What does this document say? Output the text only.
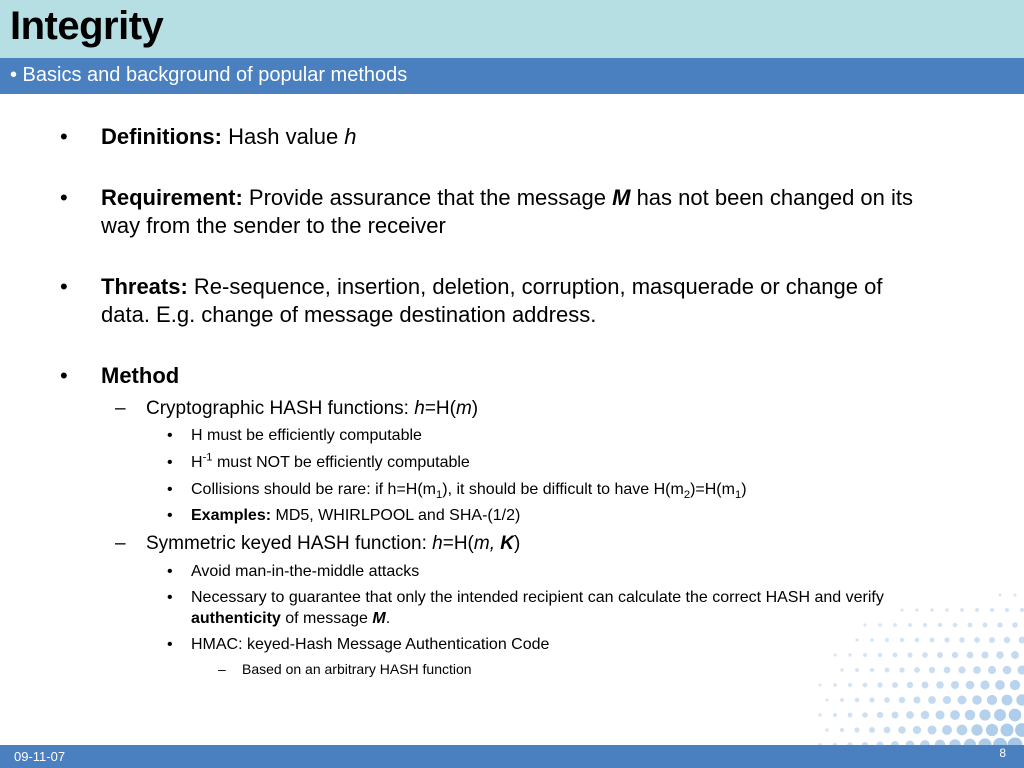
Integrity
• Basics and background of popular methods
• Definitions: Hash value h
• Requirement: Provide assurance that the message M has not been changed on its way from the sender to the receiver
• Threats: Re-sequence, insertion, deletion, corruption, masquerade or change of data. E.g. change of message destination address.
• Method
– Cryptographic HASH functions: h=H(m)
• H must be efficiently computable
• $H^{-1}$ must NOT be efficiently computable
• Collisions should be rare: if $h=H(m_1)$, it should be difficult to have $H(m_2)=H(m_1)$
• Examples: MD5, WHIRLPOOL and SHA-(1/2)
– Symmetric keyed HASH function: h=H(m, K)
• Avoid man-in-the-middle attacks
• Necessary to guarantee that only the intended recipient can calculate the correct HASH and verify authenticity of message M.
• HMAC: keyed-Hash Message Authentication Code
– Based on an arbitrary HASH function
09-11-07	8
